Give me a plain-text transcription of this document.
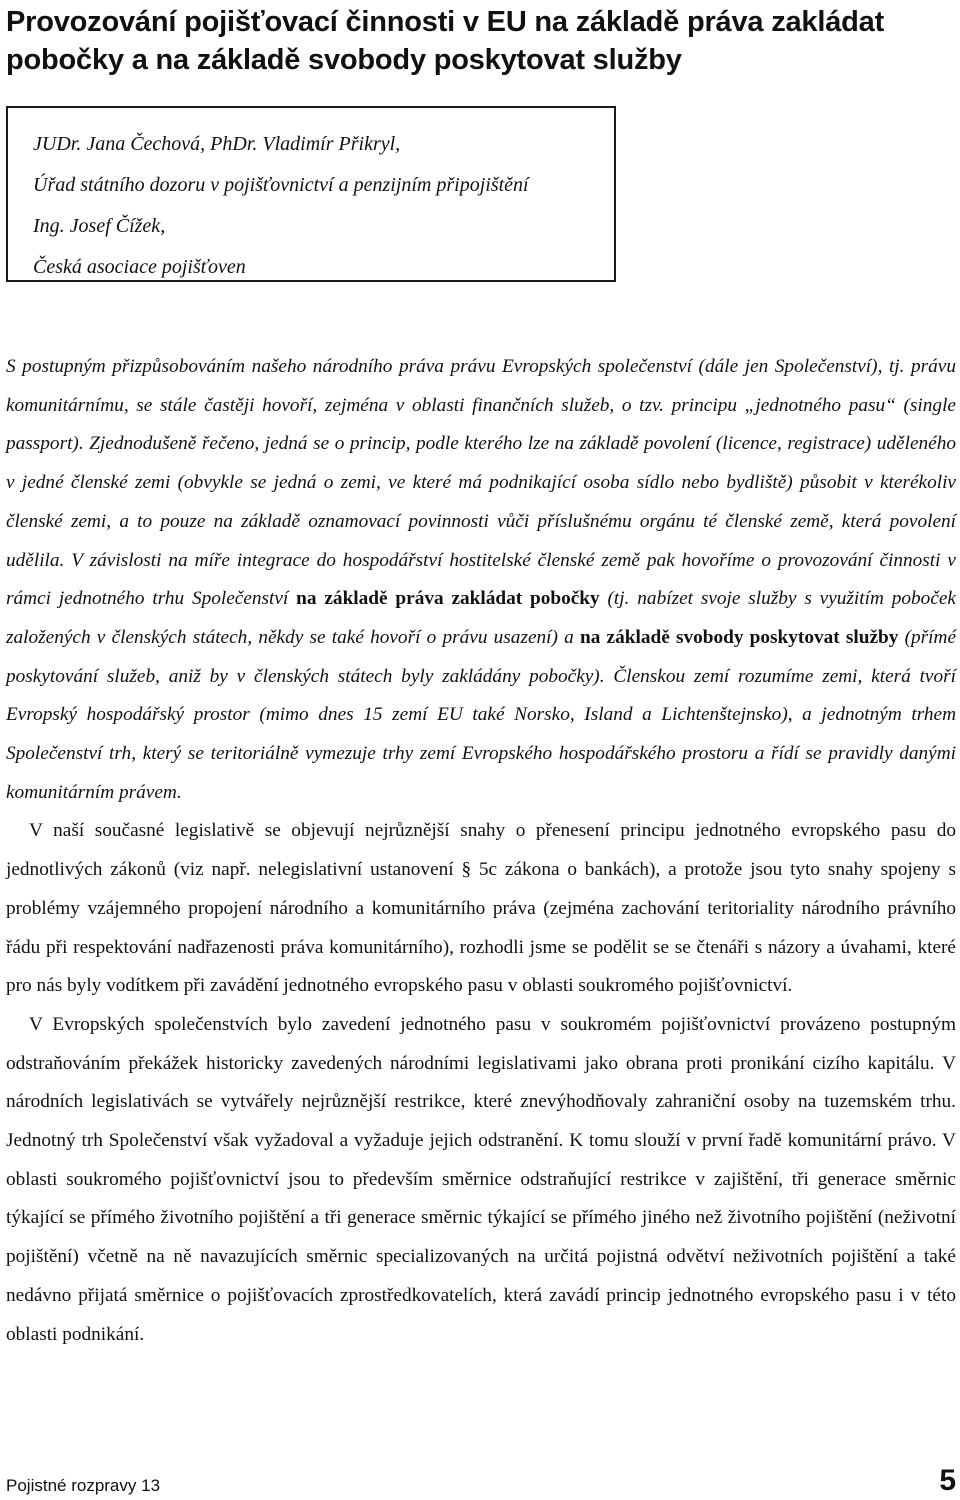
Provozování pojišťovací činnosti v EU na základě práva zakládat pobočky a na základě svobody poskytovat služby
JUDr. Jana Čechová, PhDr. Vladimír Přikryl,
Úřad státního dozoru v pojišťovnictví a penzijním připojištění
Ing. Josef Čížek,
Česká asociace pojišťoven

S postupným přizpůsobováním našeho národního práva právu Evropských společenství (dále jen Společenství), tj. právu komunitárnímu, se stále častěji hovoří, zejména v oblasti finančních služeb, o tzv. principu „jednotného pasu“ (single passport). Zjednodušeně řečeno, jedná se o princip, podle kterého lze na základě povolení (licence, registrace) uděleného v jedné členské zemi (obvykle se jedná o zemi, ve které má podnikající osoba sídlo nebo bydliště) působit v kterékoliv členské zemi, a to pouze na základě oznamovací povinnosti vůči příslušnému orgánu té členské země, která povolení udělila. V závislosti na míře integrace do hospodářství hostitelské členské země pak hovoříme o provozování činnosti v rámci jednotného trhu Společenství na základě práva zakládat pobočky (tj. nabízet svoje služby s využitím poboček založených v členských státech, někdy se také hovoří o právu usazení) a na základě svobody poskytovat služby (přímé poskytování služeb, aniž by v členských státech byly zakládány pobočky). Členskou zemí rozumíme zemi, která tvoří Evropský hospodářský prostor (mimo dnes 15 zemí EU také Norsko, Island a Lichtenštejnsko), a jednotným trhem Společenství trh, který se teritoriálně vymezuje trhy zemí Evropského hospodářského prostoru a řídí se pravidly danými komunitárním právem.

V naší současné legislativě se objevují nejrůznější snahy o přenesení principu jednotného evropského pasu do jednotlivých zákonů (viz např. nelegislativní ustanovení § 5c zákona o bankách), a protože jsou tyto snahy spojeny s problémy vzájemného propojení národního a komunitárního práva (zejména zachování teritoriality národního právního řádu při respektování nadřazenosti práva komunitárního), rozhodli jsme se podělit se se čtenáři s názory a úvahami, které pro nás byly vodítkem při zavádění jednotného evropského pasu v oblasti soukromého pojišťovnictví.

V Evropských společenstvích bylo zavedení jednotného pasu v soukromém pojišťovnictví provázeno postupným odstraňováním překážek historicky zavedených národními legislativami jako obrana proti pronikání cizího kapitálu. V národních legislativách se vytvářely nejrůznější restrikce, které znevýhodňovaly zahraniční osoby na tuzemském trhu. Jednotný trh Společenství však vyžadoval a vyžaduje jejich odstranění. K tomu slouží v první řadě komunitární právo. V oblasti soukromého pojišťovnictví jsou to především směrnice odstraňující restrikce v zajištění, tři generace směrnic týkající se přímého životního pojištění a tři generace směrnic týkající se přímého jiného než životního pojištění (neživotní pojištění) včetně na ně navazujících směrnic specializovaných na určitá pojistná odvětví neživotních pojištění a také nedávno přijatá směrnice o pojišťovacích zprostředkovatelích, která zavádí princip jednotného evropského pasu i v této oblasti podnikání.

Pojistné rozpravy 13	5
